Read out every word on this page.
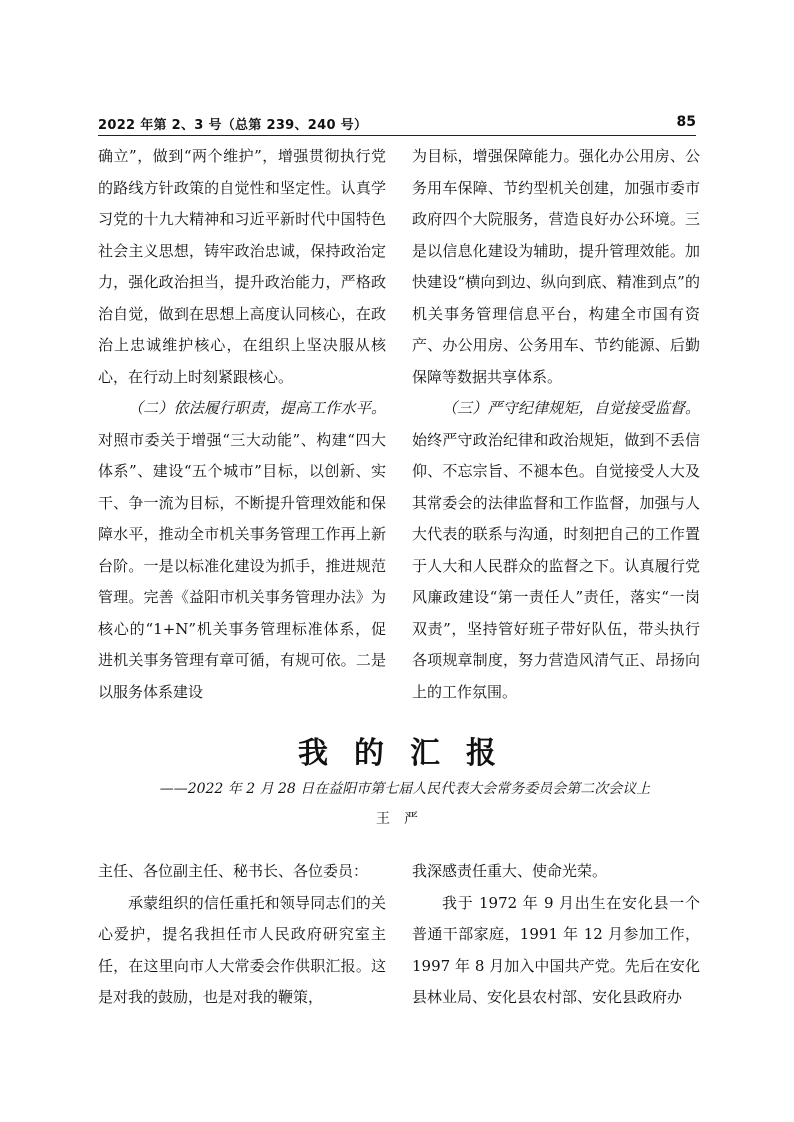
2022 年第 2、3 号（总第 239、240 号）	85

确立”，做到“两个维护”，增强贯彻执行党的路线方针政策的自觉性和坚定性。认真学习党的十九大精神和习近平新时代中国特色社会主义思想，铸牢政治忠诚，保持政治定力，强化政治担当，提升政治能力，严格政治自觉，做到在思想上高度认同核心，在政治上忠诚维护核心，在组织上坚决服从核心，在行动上时刻紧跟核心。

（二）依法履行职责，提高工作水平。对照市委关于增强“三大动能”、构建“四大体系”、建设“五个城市”目标，以创新、实干、争一流为目标，不断提升管理效能和保障水平，推动全市机关事务管理工作再上新台阶。一是以标准化建设为抓手，推进规范管理。完善《益阳市机关事务管理办法》为核心的“1+N”机关事务管理标准体系，促进机关事务管理有章可循，有规可依。二是以服务体系建设

为目标，增强保障能力。强化办公用房、公务用车保障、节约型机关创建，加强市委市政府四个大院服务，营造良好办公环境。三是以信息化建设为辅助，提升管理效能。加快建设“横向到边、纵向到底、精准到点”的机关事务管理信息平台，构建全市国有资产、办公用房、公务用车、节约能源、后勤保障等数据共享体系。

（三）严守纪律规矩，自觉接受监督。始终严守政治纪律和政治规矩，做到不丢信仰、不忘宗旨、不褪本色。自觉接受人大及其常委会的法律监督和工作监督，加强与人大代表的联系与沟通，时刻把自己的工作置于人大和人民群众的监督之下。认真履行党风廉政建设“第一责任人”责任，落实“一岗双责”，坚持管好班子带好队伍，带头执行各项规章制度，努力营造风清气正、昂扬向上的工作氛围。

我的汇报
——2022 年 2 月 28 日在益阳市第七届人民代表大会常务委员会第二次会议上
王严

主任、各位副主任、秘书长、各位委员：

承蒙组织的信任重托和领导同志们的关心爱护，提名我担任市人民政府研究室主任，在这里向市人大常委会作供职汇报。这是对我的鼓励，也是对我的鞭策，

我深感责任重大、使命光荣。

我于 1972 年 9 月出生在安化县一个普通干部家庭，1991 年 12 月参加工作，1997 年 8 月加入中国共产党。先后在安化县林业局、安化县农村部、安化县政府办
